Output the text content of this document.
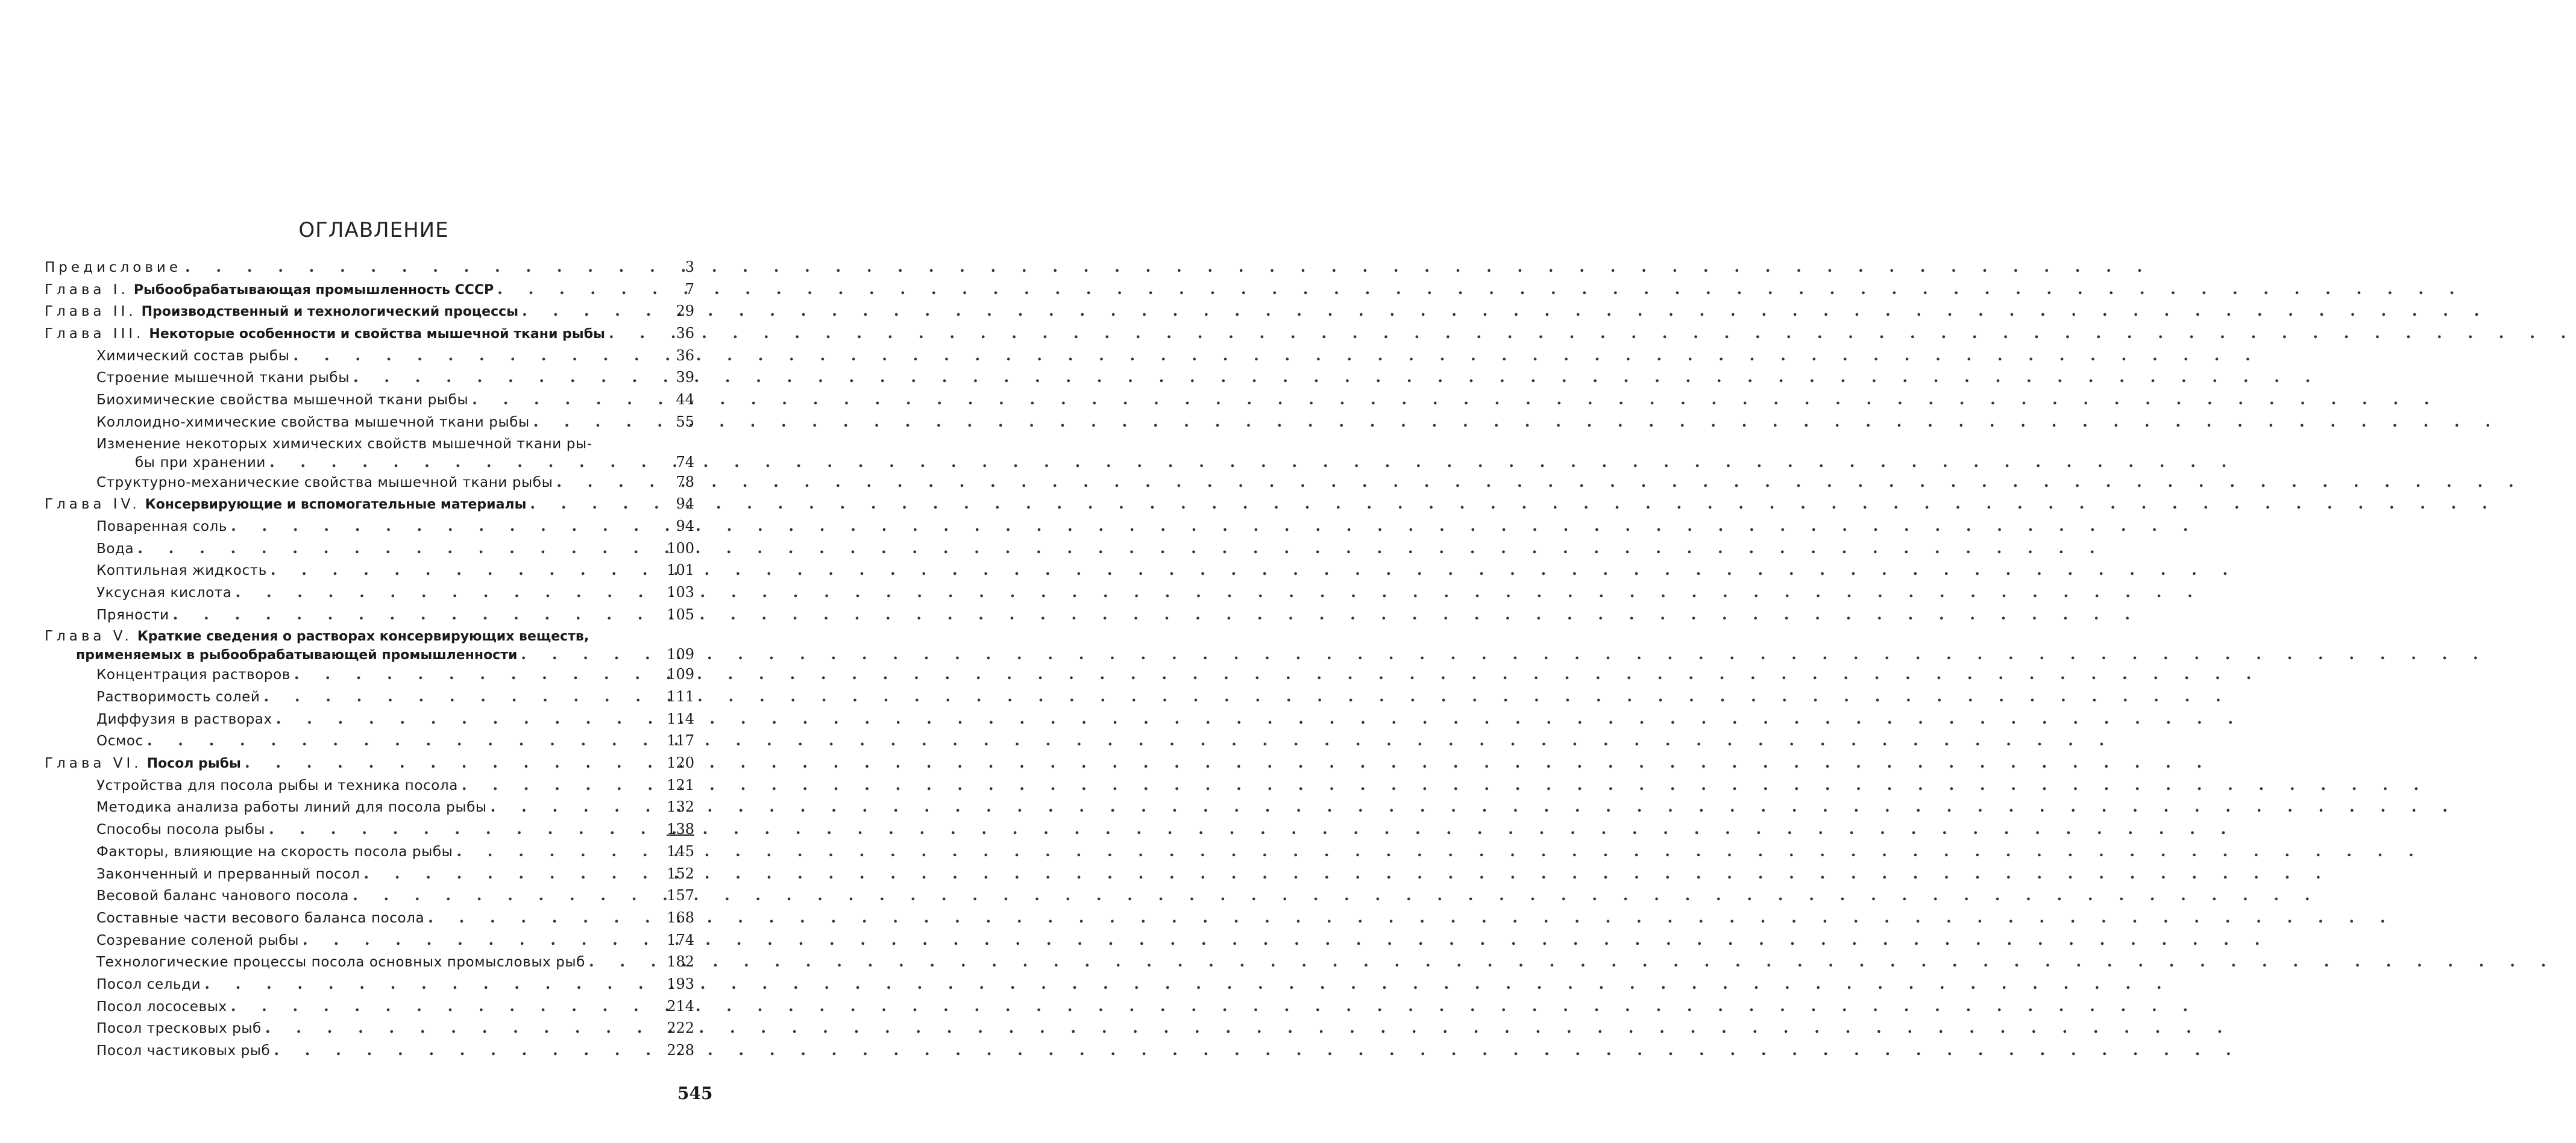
ОГЛАВЛЕНИЕ
Предисловие . . .	3
Глава I. Рыбообрабатывающая промышленность СССР . . .	7
Глава II. Производственный и технологический процессы . . .	29
Глава III. Некоторые особенности и свойства мышечной ткани рыбы . . .	36
Химический состав рыбы . . .	36
Строение мышечной ткани рыбы . . .	39
Биохимические свойства мышечной ткани рыбы . . .	44
Коллоидно-химические свойства мышечной ткани рыбы . . .	55
Изменение некоторых химических свойств мышечной ткани ры-
бы при хранении . . .	74
Структурно-механические свойства мышечной ткани рыбы . . .	78
Глава IV. Консервирующие и вспомогательные материалы . . .	94
Поваренная соль . . .	94
Вода . . .	100
Коптильная жидкость . . .	101
Уксусная кислота . . .	103
Пряности . . .	105
Глава V. Краткие сведения о растворах консервирующих веществ,
применяемых в рыбообрабатывающей промышленности . . .	109
Концентрация растворов . . .	109
Растворимость солей . . .	111
Диффузия в растворах . . .	114
Осмос . . .	117
Глава VI. Посол рыбы . . .	120
Устройства для посола рыбы и техника посола . . .	121
Методика анализа работы линий для посола рыбы . . .	132
Способы посола рыбы . . .	138
Факторы, влияющие на скорость посола рыбы . . .	145
Законченный и прерванный посол . . .	152
Весовой баланс чанового посола . . .	157
Составные части весового баланса посола . . .	168
Созревание соленой рыбы . . .	174
Технологические процессы посола основных промысловых рыб . . .	182
Посол сельди . . .	193
Посол лососевых . . .	214
Посол тресковых рыб . . .	222
Посол частиковых рыб . . .	228
545
